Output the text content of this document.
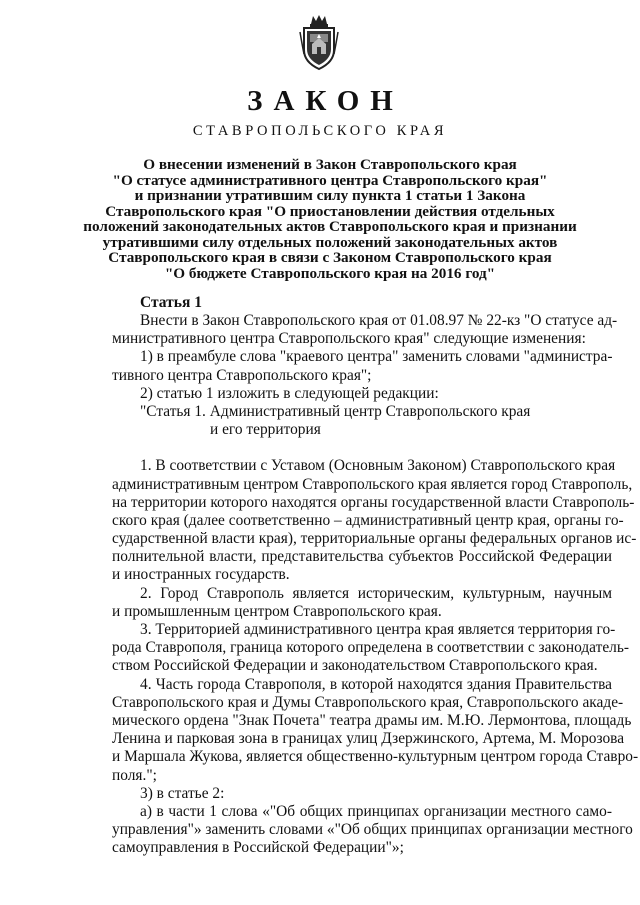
ЗАКОН
СТАВРОПОЛЬСКОГО КРАЯ
О внесении изменений в Закон Ставропольского края
"О статусе административного центра Ставропольского края"
и признании утратившим силу пункта 1 статьи 1 Закона
Ставропольского края "О приостановлении действия отдельных
положений законодательных актов Ставропольского края и признании
утратившими силу отдельных положений законодательных актов
Ставропольского края в связи с Законом Ставропольского края
"О бюджете Ставропольского края на 2016 год"
Статья 1
Внести в Закон Ставропольского края от 01.08.97 № 22-кз "О статусе ад-
министративного центра Ставропольского края" следующие изменения:
1) в преамбуле слова "краевого центра" заменить словами "администра-
тивного центра Ставропольского края";
2) статью 1 изложить в следующей редакции:
"Статья 1. Административный центр Ставропольского края
и его территория
1. В соответствии с Уставом (Основным Законом) Ставропольского края
административным центром Ставропольского края является город Ставрополь,
на территории которого находятся органы государственной власти Ставрополь-
ского края (далее соответственно – административный центр края, органы го-
сударственной власти края), территориальные органы федеральных органов ис-
полнительной власти, представительства субъектов Российской Федерации
и иностранных государств.
2. Город Ставрополь является историческим, культурным, научным
и промышленным центром Ставропольского края.
3. Территорией административного центра края является территория го-
рода Ставрополя, граница которого определена в соответствии с законодатель-
ством Российской Федерации и законодательством Ставропольского края.
4. Часть города Ставрополя, в которой находятся здания Правительства
Ставропольского края и Думы Ставропольского края, Ставропольского акаде-
мического ордена "Знак Почета" театра драмы им. М.Ю. Лермонтова, площадь
Ленина и парковая зона в границах улиц Дзержинского, Артема, М. Морозова
и Маршала Жукова, является общественно-культурным центром города Ставро-
поля.";
3) в статье 2:
а) в части 1 слова «"Об общих принципах организации местного само-
управления"» заменить словами «"Об общих принципах организации местного
самоуправления в Российской Федерации"»;
